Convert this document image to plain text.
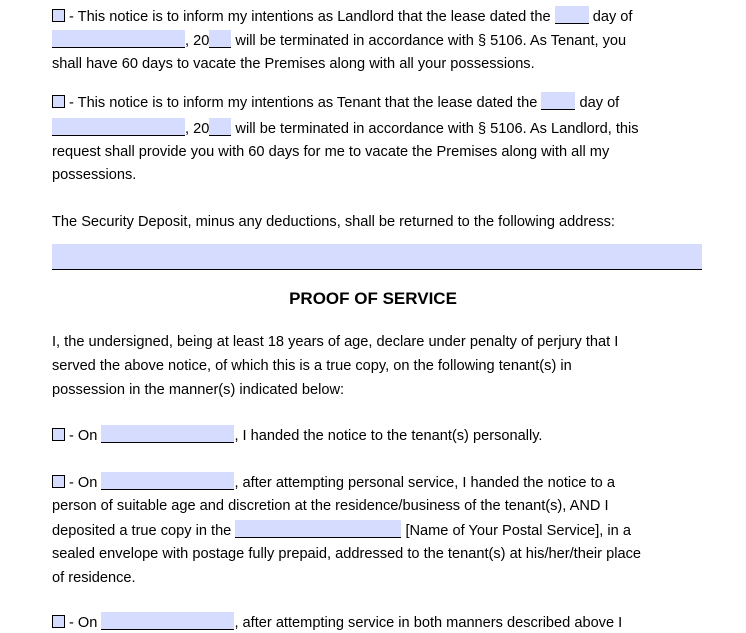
- This notice is to inform my intentions as Landlord that the lease dated the	day of
, 20 will be terminated in accordance with § 5106. As Tenant, you
shall have 60 days to vacate the Premises along with all your possessions.
- This notice is to inform my intentions as Tenant that the lease dated the	day of
, 20 will be terminated in accordance with § 5106. As Landlord, this
request shall provide you with 60 days for me to vacate the Premises along with all my
possessions.
The Security Deposit, minus any deductions, shall be returned to the following address:
PROOF OF SERVICE
I, the undersigned, being at least 18 years of age, declare under penalty of perjury that I
served the above notice, of which this is a true copy, on the following tenant(s) in
possession in the manner(s) indicated below:
- On	, I handed the notice to the tenant(s) personally.
- On	, after attempting personal service, I handed the notice to a
person of suitable age and discretion at the residence/business of the tenant(s), AND I
deposited a true copy in the	[Name of Your Postal Service], in a
sealed envelope with postage fully prepaid, addressed to the tenant(s) at his/her/their place
of residence.
- On	, after attempting service in both manners described above I
